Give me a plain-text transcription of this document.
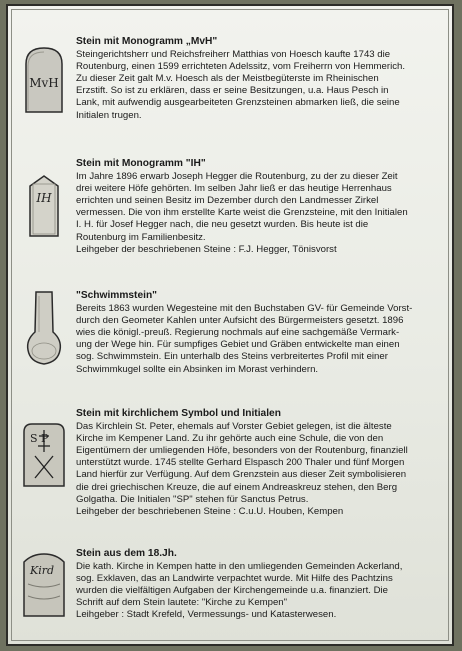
MvH
Stein mit Monogramm „MvH"

Steingerichtsherr und Reichsfreiherr Matthias von Hoesch kaufte 1743 die

Routenburg, einen 1599 errichteten Adelssitz, vom Freiherrn von Hemmerich.

Zu dieser Zeit galt M.v. Hoesch als der Meistbegüterste im Rheinischen

Erzstift. So ist zu erklären, dass er seine Besitzungen, u.a. Haus Pesch in

Lank, mit aufwendig ausgearbeiteten Grenzsteinen abmarken ließ, die seine

Initialen trugen.

IH
Stein mit Monogramm "IH"

Im Jahre 1896 erwarb Joseph Hegger die Routenburg, zu der zu dieser Zeit

drei weitere Höfe gehörten. Im selben Jahr ließ er das heutige Herrenhaus

errichten und seinen Besitz im Dezember durch den Landmesser Zirkel

vermessen. Die von ihm erstellte Karte weist die Grenzsteine, mit den Initialen

I. H. für Josef Hegger nach, die neu gesetzt wurden. Bis heute ist die

Routenburg im Familienbesitz.

Leihgeber der beschriebenen Steine : F.J. Hegger, Tönisvorst

"Schwimmstein"

Bereits 1863 wurden Wegesteine mit den Buchstaben GV- für Gemeinde Vorst-

durch den Geometer Kahlen unter Aufsicht des Bürgermeisters gesetzt. 1896

wies die königl.-preuß. Regierung nochmals auf eine sachgemäße Vermark-

ung der Wege hin. Für sumpfiges Gebiet und Gräben entwickelte man einen

sog. Schwimmstein. Ein unterhalb des Steins verbreitertes Profil mit einer

Schwimmkugel sollte ein Absinken im Morast verhindern.

S P
Stein mit kirchlichem Symbol und Initialen

Das Kirchlein St. Peter, ehemals auf Vorster Gebiet gelegen, ist die älteste

Kirche im Kempener Land. Zu ihr gehörte auch eine Schule, die von den

Eigentümern der umliegenden Höfe, besonders von der Routenburg, finanziell

unterstützt wurde. 1745 stellte Gerhard Elspasch 200 Thaler und fünf Morgen

Land hierfür zur Verfügung. Auf dem Grenzstein aus dieser Zeit symbolisieren

die drei griechischen Kreuze, die auf einem Andreaskreuz stehen, den Berg

Golgatha. Die Initialen "SP" stehen für Sanctus Petrus.

Leihgeber der beschriebenen Steine : C.u.U. Houben, Kempen

Kird
Stein aus dem 18.Jh.

Die kath. Kirche in Kempen hatte in den umliegenden Gemeinden Ackerland,

sog. Exklaven, das an Landwirte verpachtet wurde. Mit Hilfe des Pachtzins

wurden die vielfältigen Aufgaben der Kirchengemeinde u.a. finanziert. Die

Schrift auf dem Stein lautete: "Kirche zu Kempen"

Leihgeber : Stadt Krefeld, Vermessungs- und Katasterwesen.
